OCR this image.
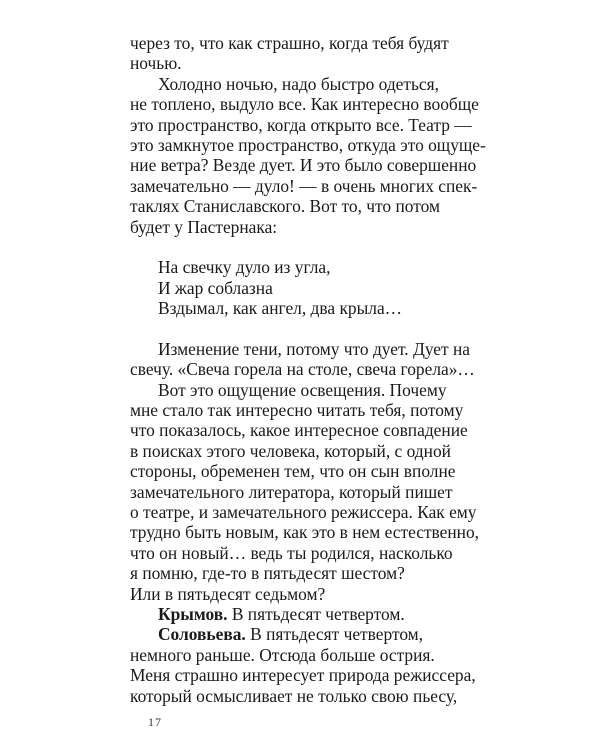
через то, что как страшно, когда тебя будят
ночью.
Холодно ночью, надо быстро одеться,
не топлено, выдуло все. Как интересно вообще
это пространство, когда открыто все. Театр —
это замкнутое пространство, откуда это ощуще-
ние ветра? Везде дует. И это было совершенно
замечательно — дуло! — в очень многих спек-
таклях Станиславского. Вот то, что потом
будет у Пастернака:
На свечку дуло из угла,
И жар соблазна
Вздымал, как ангел, два крыла…
Изменение тени, потому что дует. Дует на
свечу. «Свеча горела на столе, свеча горела»…
Вот это ощущение освещения. Почему
мне стало так интересно читать тебя, потому
что показалось, какое интересное совпадение
в поисках этого человека, который, с одной
стороны, обременен тем, что он сын вполне
замечательного литератора, который пишет
о театре, и замечательного режиссера. Как ему
трудно быть новым, как это в нем естественно,
что он новый… ведь ты родился, насколько
я помню, где-то в пятьдесят шестом?
Или в пятьдесят седьмом?
Крымов. В пятьдесят четвертом.
Соловьева. В пятьдесят четвертом,
немного раньше. Отсюда больше острия.
Меня страшно интересует природа режиссера,
который осмысливает не только свою пьесу,
17
